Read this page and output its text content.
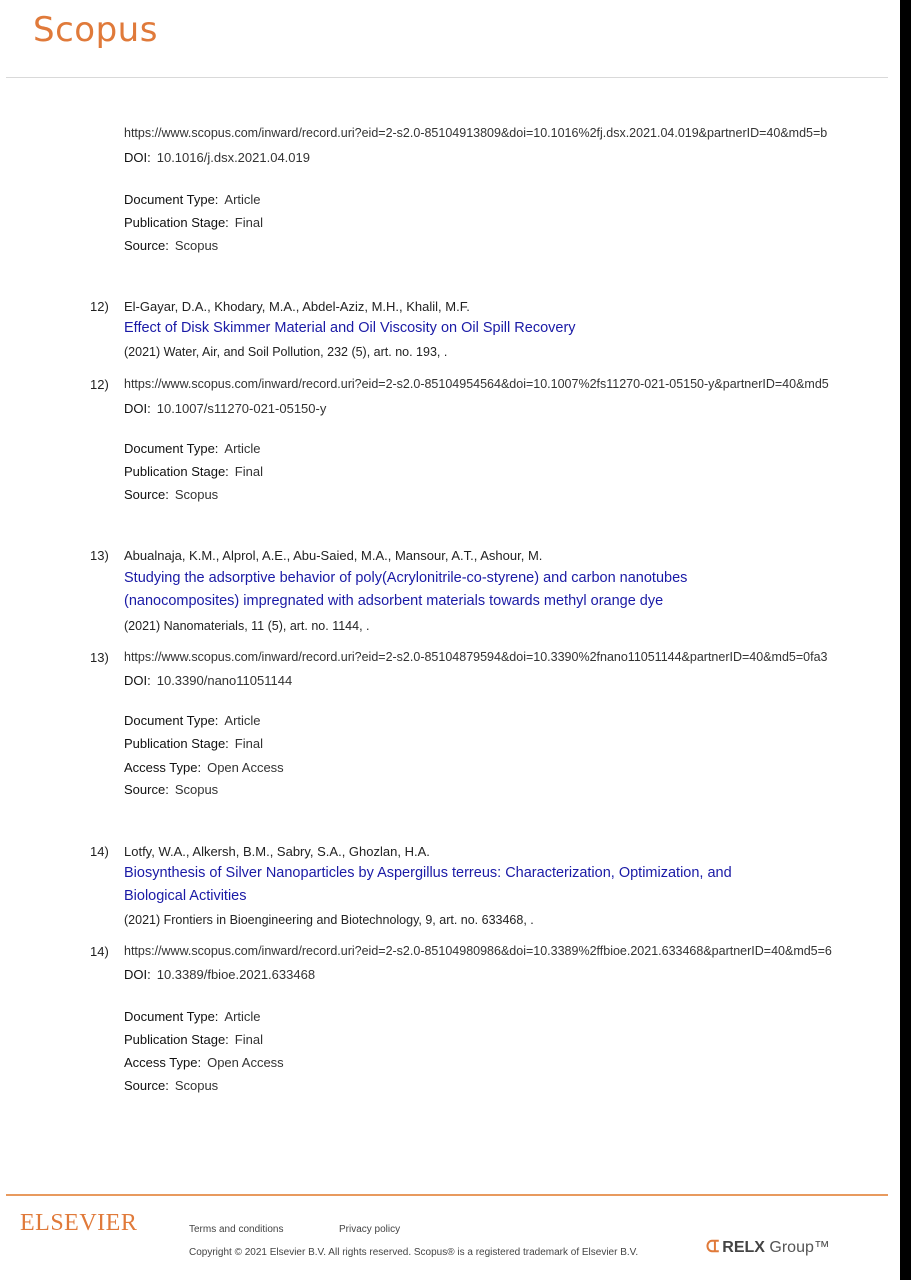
Scopus
https://www.scopus.com/inward/record.uri?eid=2-s2.0-85104913809&doi=10.1016%2fj.dsx.2021.04.019&partnerID=40&md5=b
DOI: 10.1016/j.dsx.2021.04.019
Document Type: Article
Publication Stage: Final
Source: Scopus
12) El-Gayar, D.A., Khodary, M.A., Abdel-Aziz, M.H., Khalil, M.F.
Effect of Disk Skimmer Material and Oil Viscosity on Oil Spill Recovery
(2021) Water, Air, and Soil Pollution, 232 (5), art. no. 193, .
12) https://www.scopus.com/inward/record.uri?eid=2-s2.0-85104954564&doi=10.1007%2fs11270-021-05150-y&partnerID=40&md5
DOI: 10.1007/s11270-021-05150-y
Document Type: Article
Publication Stage: Final
Source: Scopus
13) Abualnaja, K.M., Alprol, A.E., Abu-Saied, M.A., Mansour, A.T., Ashour, M.
Studying the adsorptive behavior of poly(Acrylonitrile-co-styrene) and carbon nanotubes
(nanocomposites) impregnated with adsorbent materials towards methyl orange dye
(2021) Nanomaterials, 11 (5), art. no. 1144, .
13) https://www.scopus.com/inward/record.uri?eid=2-s2.0-85104879594&doi=10.3390%2fnano11051144&partnerID=40&md5=0fa3
DOI: 10.3390/nano11051144
Document Type: Article
Publication Stage: Final
Access Type: Open Access
Source: Scopus
14) Lotfy, W.A., Alkersh, B.M., Sabry, S.A., Ghozlan, H.A.
Biosynthesis of Silver Nanoparticles by Aspergillus terreus: Characterization, Optimization, and
Biological Activities
(2021) Frontiers in Bioengineering and Biotechnology, 9, art. no. 633468, .
14) https://www.scopus.com/inward/record.uri?eid=2-s2.0-85104980986&doi=10.3389%2ffbioe.2021.633468&partnerID=40&md5=6
DOI: 10.3389/fbioe.2021.633468
Document Type: Article
Publication Stage: Final
Access Type: Open Access
Source: Scopus
ELSEVIER	Terms and conditions	Privacy policy
Copyright © 2021 Elsevier B.V. All rights reserved. Scopus® is a registered trademark of Elsevier B.V.	ᗭ RELX Group™
